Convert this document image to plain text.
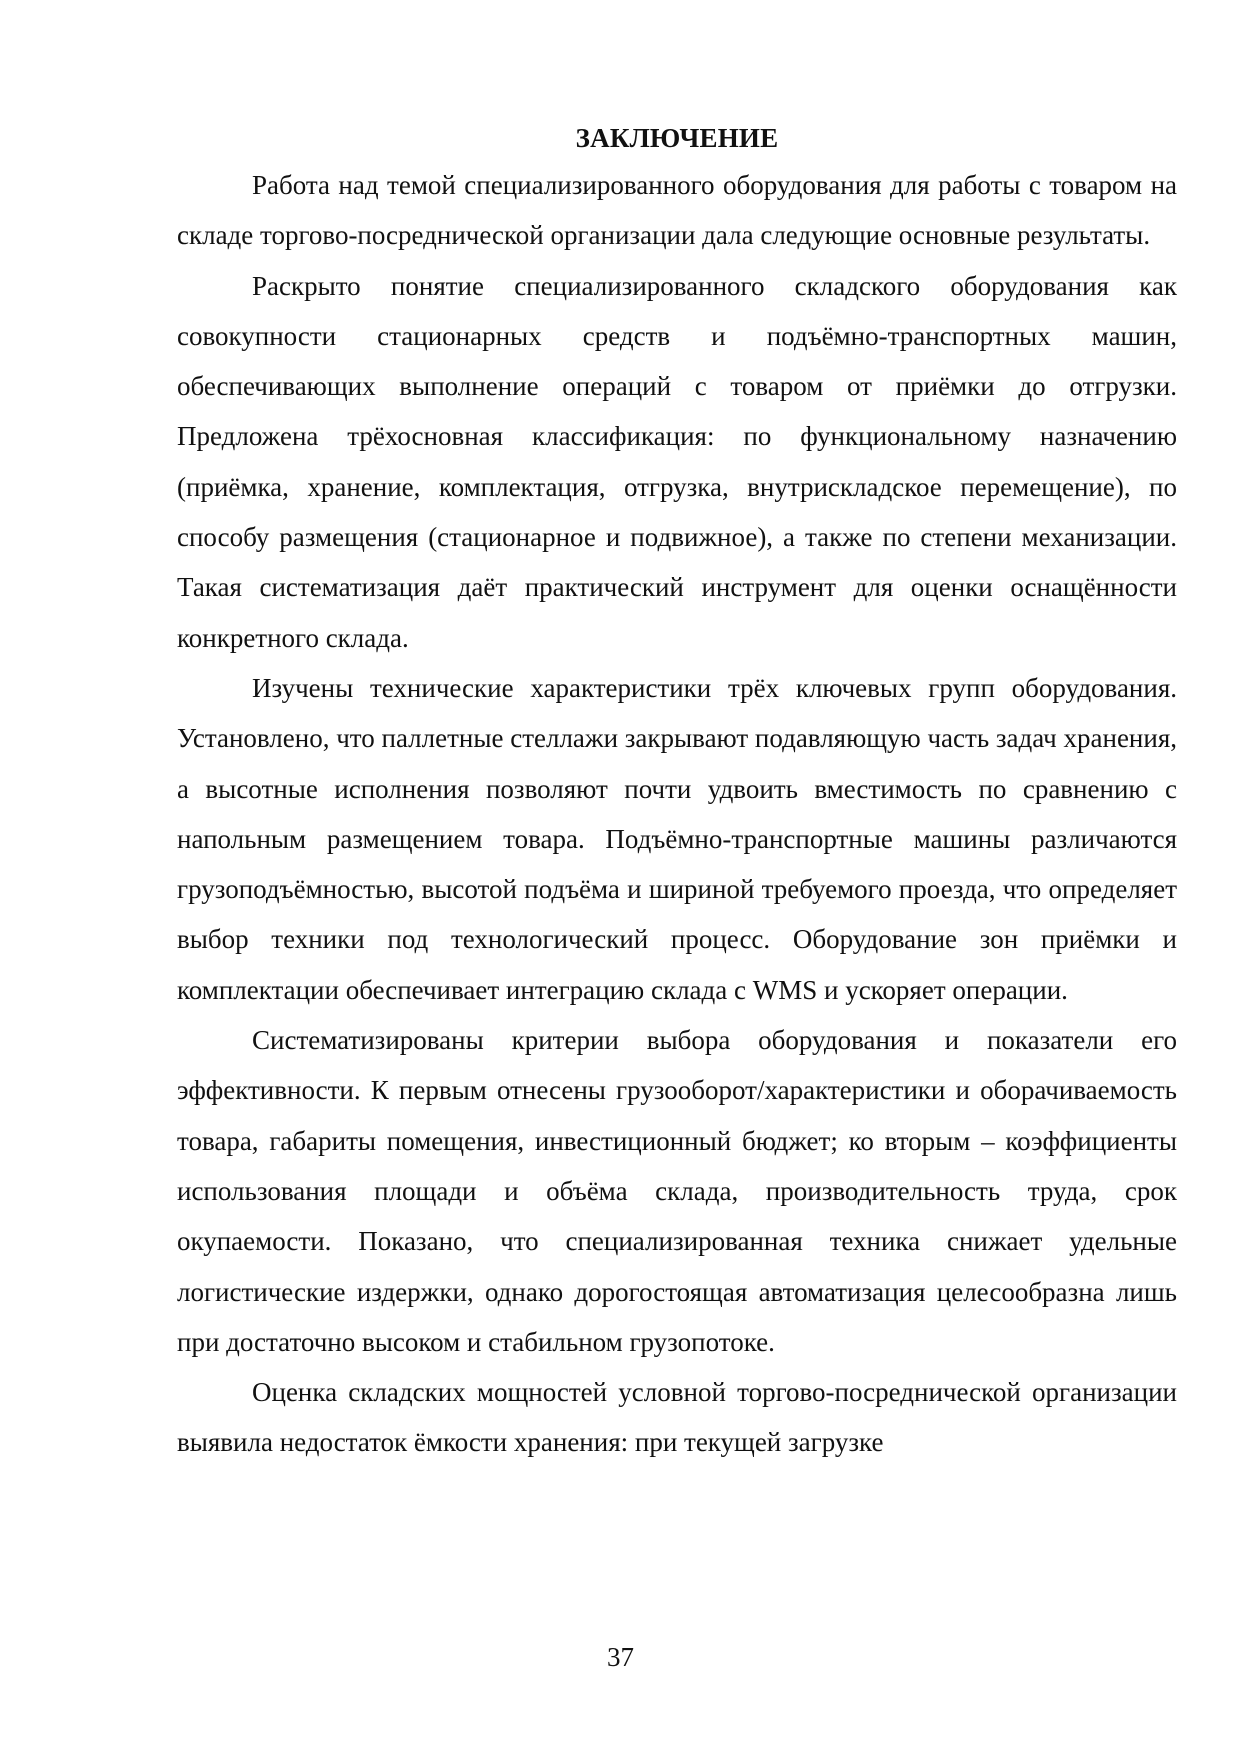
ЗАКЛЮЧЕНИЕ

Работа над темой специализированного оборудования для работы с товаром на складе торгово-посреднической организации дала следующие основные результаты.

Раскрыто понятие специализированного складского оборудования как совокупности стационарных средств и подъёмно-транспортных машин, обеспечивающих выполнение операций с товаром от приёмки до отгрузки. Предложена трёхосновная классификация: по функциональному назначению (приёмка, хранение, комплектация, отгрузка, внутрискладское перемещение), по способу размещения (стационарное и подвижное), а также по степени механизации. Такая систематизация даёт практический инструмент для оценки оснащённости конкретного склада.

Изучены технические характеристики трёх ключевых групп оборудования. Установлено, что паллетные стеллажи закрывают подавляющую часть задач хранения, а высотные исполнения позволяют почти удвоить вместимость по сравнению с напольным размещением товара. Подъёмно-транспортные машины различаются грузоподъёмностью, высотой подъёма и шириной требуемого проезда, что определяет выбор техники под технологический процесс. Оборудование зон приёмки и комплектации обеспечивает интеграцию склада с WMS и ускоряет операции.

Систематизированы критерии выбора оборудования и показатели его эффективности. К первым отнесены грузооборот/характеристики и оборачиваемость товара, габариты помещения, инвестиционный бюджет; ко вторым – коэффициенты использования площади и объёма склада, производительность труда, срок окупаемости. Показано, что специализированная техника снижает удельные логистические издержки, однако дорогостоящая автоматизация целесообразна лишь при достаточно высоком и стабильном грузопотоке.

Оценка складских мощностей условной торгово-посреднической организации выявила недостаток ёмкости хранения: при текущей загрузке

37
